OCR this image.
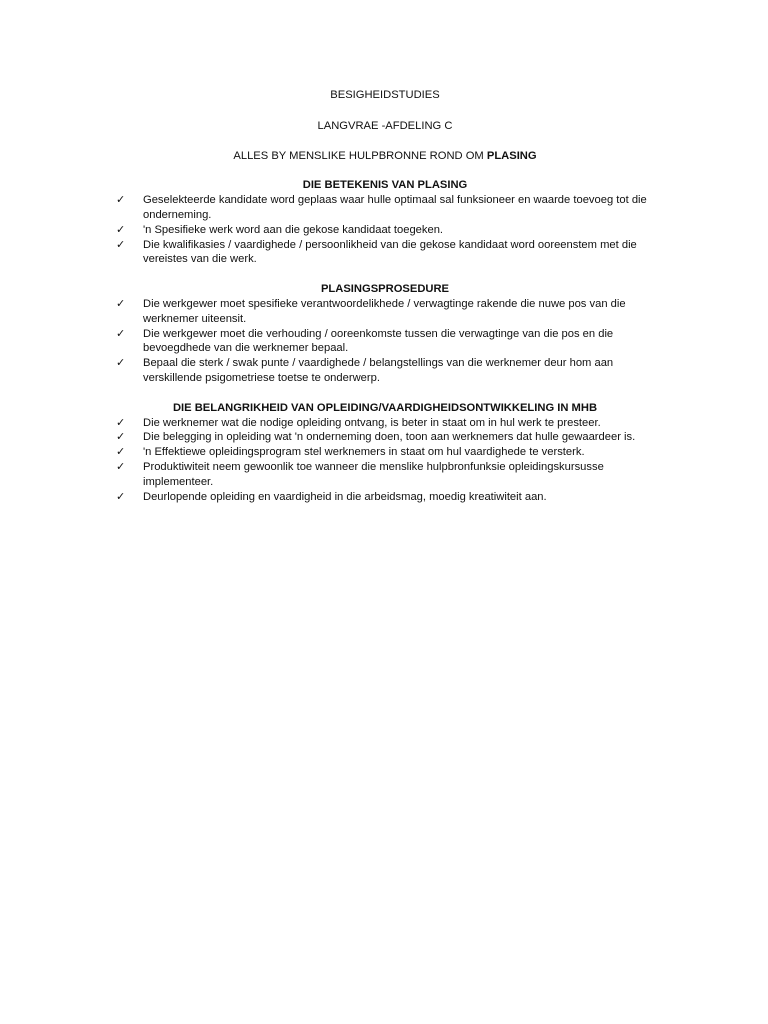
BESIGHEIDSTUDIES

LANGVRAE -AFDELING C

ALLES BY MENSLIKE HULPBRONNE ROND OM PLASING

DIE BETEKENIS VAN PLASING

✓ Geselekteerde kandidate word geplaas waar hulle optimaal sal funksioneer en waarde toevoeg tot die onderneming.
✓ 'n Spesifieke werk word aan die gekose kandidaat toegeken.
✓ Die kwalifikasies / vaardighede / persoonlikheid van die gekose kandidaat word ooreenstem met die vereistes van die werk.

PLASINGSPROSEDURE

✓ Die werkgewer moet spesifieke verantwoordelikhede / verwagtinge rakende die nuwe pos van die werknemer uiteensit.
✓ Die werkgewer moet die verhouding / ooreenkomste tussen die verwagtinge van die pos en die bevoegdhede van die werknemer bepaal.
✓ Bepaal die sterk / swak punte / vaardighede / belangstellings van die werknemer deur hom aan verskillende psigometriese toetse te onderwerp.

DIE BELANGRIKHEID VAN OPLEIDING/VAARDIGHEIDSONTWIKKELING IN MHB

✓ Die werknemer wat die nodige opleiding ontvang, is beter in staat om in hul werk te presteer.
✓ Die belegging in opleiding wat 'n onderneming doen, toon aan werknemers dat hulle gewaardeer is.
✓ 'n Effektiewe opleidingsprogram stel werknemers in staat om hul vaardighede te versterk.
✓ Produktiwiteit neem gewoonlik toe wanneer die menslike hulpbronfunksie opleidingskursusse implementeer.
✓ Deurlopende opleiding en vaardigheid in die arbeidsmag, moedig kreatiwiteit aan.
